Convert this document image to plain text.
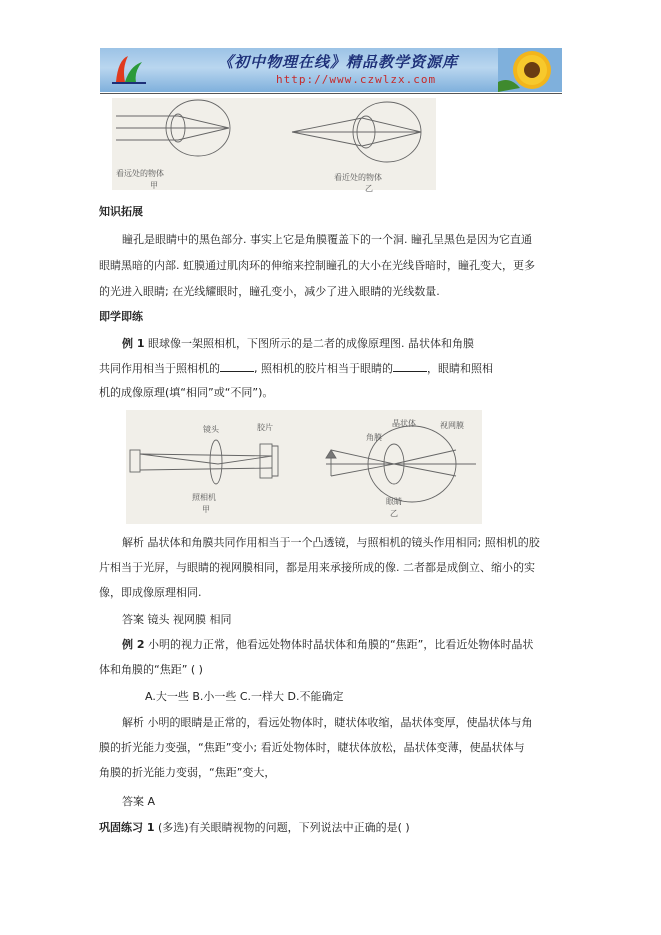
《初中物理在线》精品教学资源库
http://www.czwlzx.com
看远处的物体
甲
看近处的物体
乙
知识拓展
瞳孔是眼睛中的黑色部分. 事实上它是角膜覆盖下的一个洞. 瞳孔呈黑色是因为它直通
眼睛黑暗的内部. 虹膜通过肌肉环的伸缩来控制瞳孔的大小在光线昏暗时，瞳孔变大，更多
的光进入眼睛; 在光线耀眼时，瞳孔变小，减少了进入眼睛的光线数量.
即学即练
例 1 眼球像一架照相机，下图所示的是二者的成像原理图. 晶状体和角膜
共同作用相当于照相机的	, 照相机的胶片相当于眼睛的	，眼睛和照相
机的成像原理(填“相同”或“不同”)。
镜头	胶片
照相机
甲
晶状体	视网膜
角膜
眼睛
乙
解析 晶状体和角膜共同作用相当于一个凸透镜，与照相机的镜头作用相同; 照相机的胶
片相当于光屏，与眼睛的视网膜相同，都是用来承接所成的像. 二者都是成倒立、缩小的实
像，即成像原理相同.
答案 镜头 视网膜 相同
例 2 小明的视力正常，他看远处物体时晶状体和角膜的“焦距”，比看近处物体时晶状
体和角膜的“焦距” ( )
A.大一些 B.小一些 C.一样大 D.不能确定
解析 小明的眼睛是正常的，看远处物体时，睫状体收缩，晶状体变厚，使晶状体与角
膜的折光能力变强，“焦距”变小; 看近处物体时，睫状体放松，晶状体变薄，使晶状体与
角膜的折光能力变弱，“焦距”变大，
答案 A
巩固练习 1 (多选)有关眼睛视物的问题，下列说法中正确的是( )
